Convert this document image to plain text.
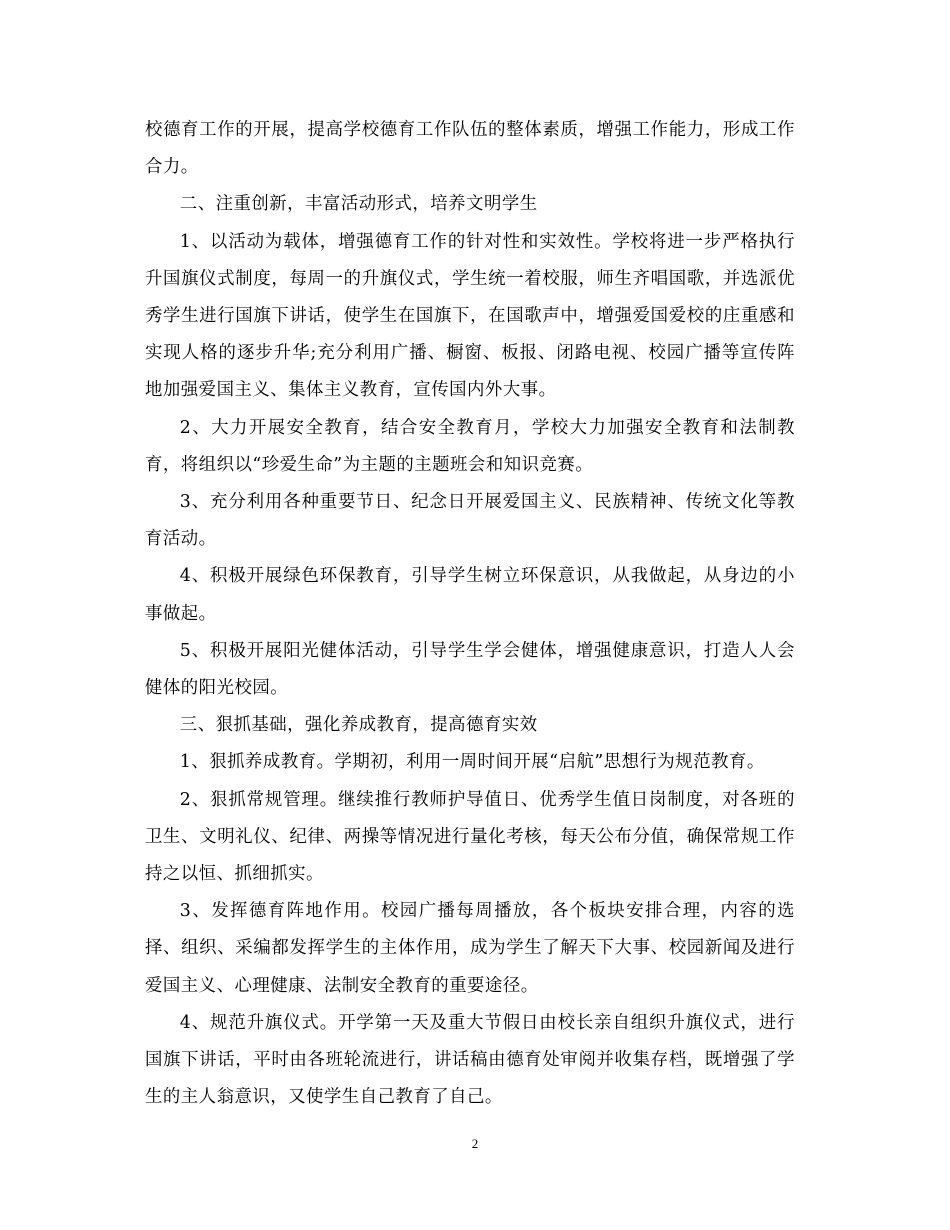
校德育工作的开展，提高学校德育工作队伍的整体素质，增强工作能力，形成工作合力。

二、注重创新，丰富活动形式，培养文明学生

1、以活动为载体，增强德育工作的针对性和实效性。学校将进一步严格执行升国旗仪式制度，每周一的升旗仪式，学生统一着校服，师生齐唱国歌，并选派优秀学生进行国旗下讲话，使学生在国旗下，在国歌声中，增强爱国爱校的庄重感和实现人格的逐步升华;充分利用广播、橱窗、板报、闭路电视、校园广播等宣传阵地加强爱国主义、集体主义教育，宣传国内外大事。

2、大力开展安全教育，结合安全教育月，学校大力加强安全教育和法制教育，将组织以“珍爱生命”为主题的主题班会和知识竞赛。

3、充分利用各种重要节日、纪念日开展爱国主义、民族精神、传统文化等教育活动。

4、积极开展绿色环保教育，引导学生树立环保意识，从我做起，从身边的小事做起。

5、积极开展阳光健体活动，引导学生学会健体，增强健康意识，打造人人会健体的阳光校园。

三、狠抓基础，强化养成教育，提高德育实效

1、狠抓养成教育。学期初，利用一周时间开展“启航”思想行为规范教育。

2、狠抓常规管理。继续推行教师护导值日、优秀学生值日岗制度，对各班的卫生、文明礼仪、纪律、两操等情况进行量化考核，每天公布分值，确保常规工作持之以恒、抓细抓实。

3、发挥德育阵地作用。校园广播每周播放，各个板块安排合理，内容的选择、组织、采编都发挥学生的主体作用，成为学生了解天下大事、校园新闻及进行爱国主义、心理健康、法制安全教育的重要途径。

4、规范升旗仪式。开学第一天及重大节假日由校长亲自组织升旗仪式，进行国旗下讲话，平时由各班轮流进行，讲话稿由德育处审阅并收集存档，既增强了学生的主人翁意识，又使学生自己教育了自己。

2
